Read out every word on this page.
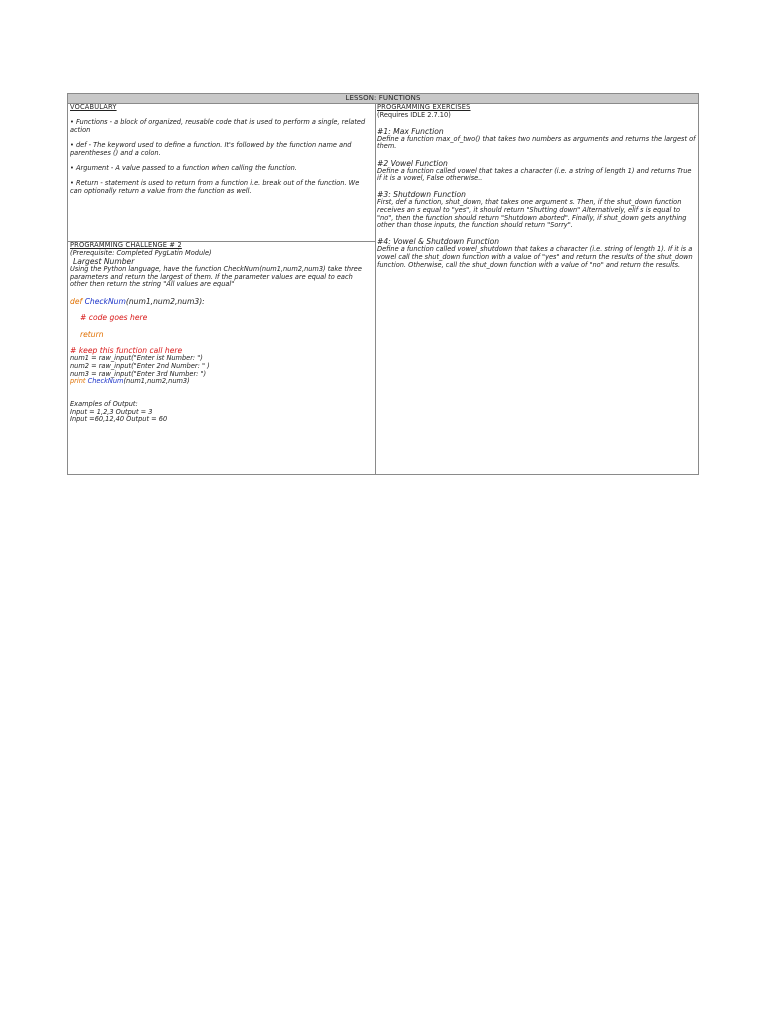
LESSON: FUNCTIONS
VOCABULARY
• Functions - a block of organized, reusable code that is used to perform a single, related action
• def - The keyword used to define a function. It's followed by the function name and parentheses () and a colon.
• Argument - A value passed to a function when calling the function.
• Return - statement is used to return from a function i.e. break out of the function. We can optionally return a value from the function as well.
PROGRAMMING CHALLENGE # 2
(Prerequisite: Completed PygLatin Module)
Largest Number
Using the Python language, have the function CheckNum(num1,num2,num3) take three parameters and return the largest of them. If the parameter values are equal to each other then return the string "All values are equal"
def CheckNum(num1,num2,num3):
# code goes here
return
# keep this function call here
num1 = raw_input("Enter ist Number: ")
num2 = raw_input("Enter 2nd Number: " )
num3 = raw_input("Enter 3rd Number: ")
print CheckNum(num1,num2,num3)
Examples of Output:
Input = 1,2,3 Output = 3
Input =60,12,40 Output = 60
PROGRAMMING EXERCISES
(Requires IDLE 2.7.10)
#1: Max Function
Define a function max_of_two() that takes two numbers as arguments and returns the largest of them.
#2 Vowel Function
Define a function called vowel that takes a character (i.e. a string of length 1) and returns True if it is a vowel, False otherwise..
#3: Shutdown Function
First, def a function, shut_down, that takes one argument s. Then, if the shut_down function receives an s equal to "yes", it should return "Shutting down" Alternatively, elif s is equal to "no", then the function should return "Shutdown aborted". Finally, if shut_down gets anything other than those inputs, the function should return "Sorry".
#4: Vowel & Shutdown Function
Define a function called vowel_shutdown that takes a character (i.e. string of length 1). If it is a vowel call the shut_down function with a value of "yes" and return the results of the shut_down function. Otherwise, call the shut_down function with a value of "no" and return the results.
